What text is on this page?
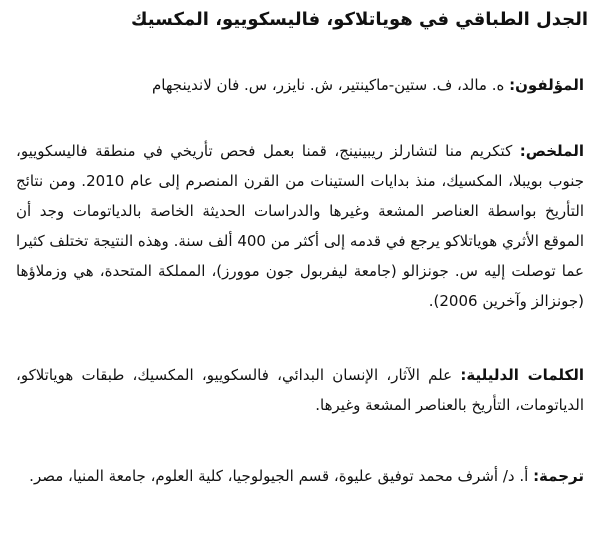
الجدل الطباقي في هوياتلاكو، فاليسكوييو، المكسيك

المؤلفون: ه. مالد، ف. ستين-ماكينتير، ش. نايزر، س. فان لاندينجهام

الملخص: كتكريم منا لتشارلز ريبينينج، قمنا بعمل فحص تأريخي في منطقة فاليسكوييو، جنوب بويبلا، المكسيك، منذ بدايات الستينات من القرن المنصرم إلى عام 2010. ومن نتائج التأريخ بواسطة العناصر المشعة وغيرها والدراسات الحديثة الخاصة بالدياتومات وجد أن الموقع الأثري هوياتلاكو يرجع في قدمه إلى أكثر من 400 ألف سنة. وهذه النتيجة تختلف كثيرا عما توصلت إليه س. جونزالو (جامعة ليفربول جون موورز)، المملكة المتحدة، هي وزملاؤها (جونزالز وآخرين 2006).

الكلمات الدليلية: علم الآثار، الإنسان البدائي، فالسكوييو، المكسيك، طبقات هوياتلاكو، الدياتومات، التأريخ بالعناصر المشعة وغيرها.

ترجمة: أ. د/ أشرف محمد توفيق عليوة، قسم الجيولوجيا، كلية العلوم، جامعة المنيا، مصر.
